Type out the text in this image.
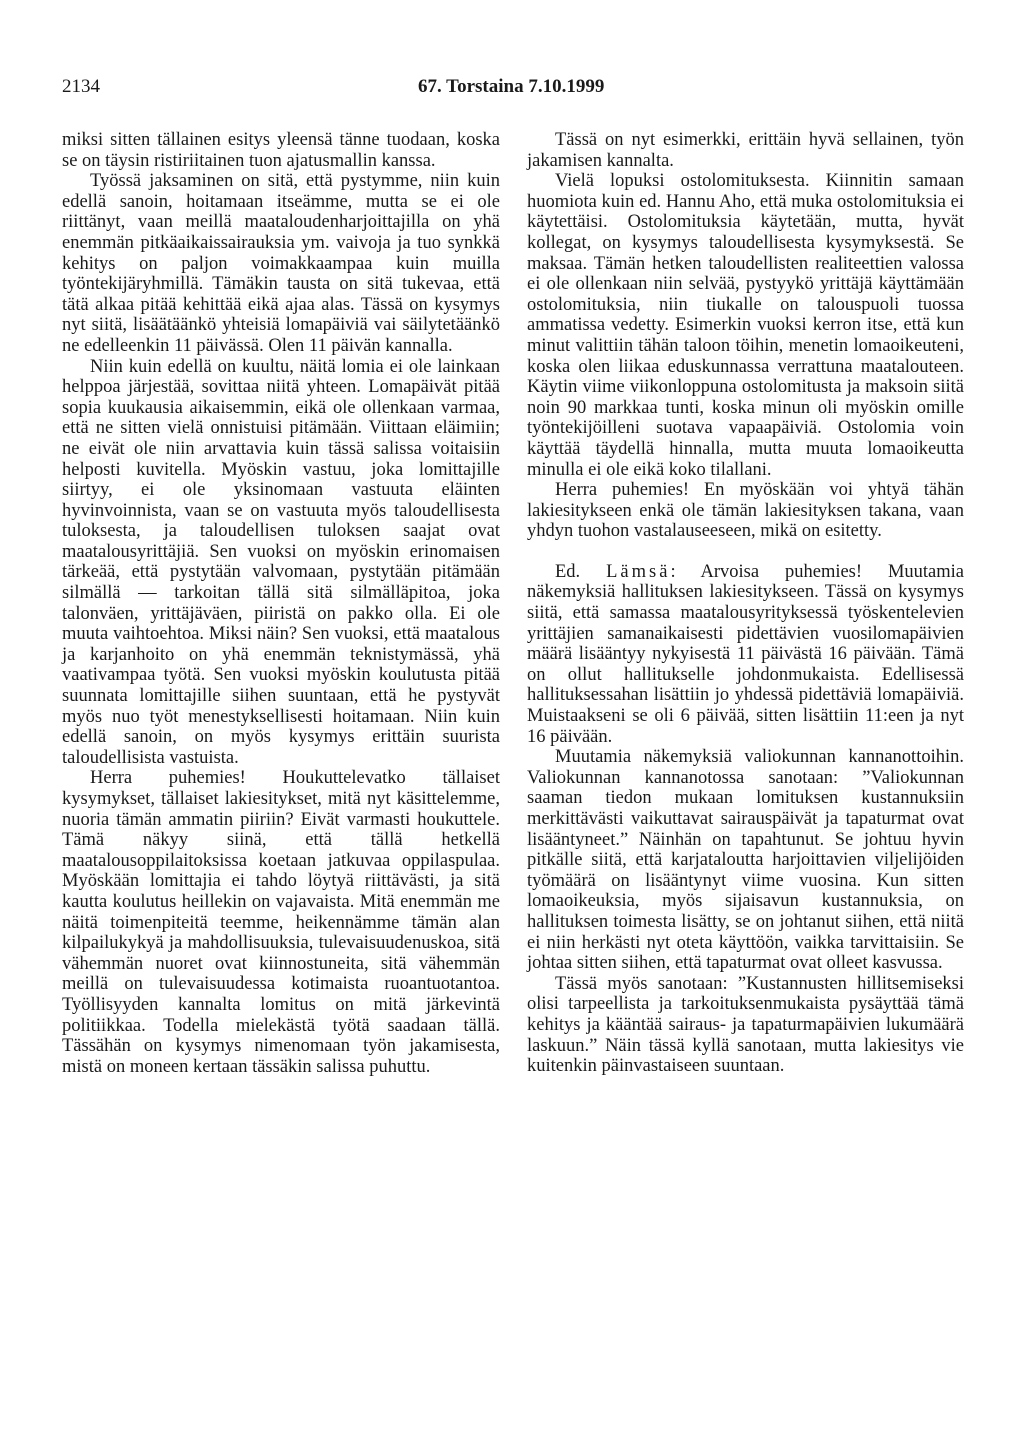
2134	67. Torstaina 7.10.1999

miksi sitten tällainen esitys yleensä tänne tuodaan, koska se on täysin ristiriitainen tuon ajatusmallin kanssa.

Työssä jaksaminen on sitä, että pystymme, niin kuin edellä sanoin, hoitamaan itseämme, mutta se ei ole riittänyt, vaan meillä maataloudenharjoittajilla on yhä enemmän pitkäaikaissairauksia ym. vaivoja ja tuo synkkä kehitys on paljon voimakkaampaa kuin muilla työntekijäryhmillä. Tämäkin tausta on sitä tukevaa, että tätä alkaa pitää kehittää eikä ajaa alas. Tässä on kysymys nyt siitä, lisäätäänkö yhteisiä lomapäiviä vai säilytetäänkö ne edelleenkin 11 päivässä. Olen 11 päivän kannalla.

Niin kuin edellä on kuultu, näitä lomia ei ole lainkaan helppoa järjestää, sovittaa niitä yhteen. Lomapäivät pitää sopia kuukausia aikaisemmin, eikä ole ollenkaan varmaa, että ne sitten vielä onnistuisi pitämään. Viittaan eläimiin; ne eivät ole niin arvattavia kuin tässä salissa voitaisiin helposti kuvitella. Myöskin vastuu, joka lomittajille siirtyy, ei ole yksinomaan vastuuta eläinten hyvinvoinnista, vaan se on vastuuta myös taloudellisesta tuloksesta, ja taloudellisen tuloksen saajat ovat maatalousyrittäjiä. Sen vuoksi on myöskin erinomaisen tärkeää, että pystytään valvomaan, pystytään pitämään silmällä — tarkoitan tällä sitä silmälläpitoa, joka talonväen, yrittäjäväen, piiristä on pakko olla. Ei ole muuta vaihtoehtoa. Miksi näin? Sen vuoksi, että maatalous ja karjanhoito on yhä enemmän teknistymässä, yhä vaativampaa työtä. Sen vuoksi myöskin koulutusta pitää suunnata lomittajille siihen suuntaan, että he pystyvät myös nuo työt menestyksellisesti hoitamaan. Niin kuin edellä sanoin, on myös kysymys erittäin suurista taloudellisista vastuista.

Herra puhemies! Houkuttelevatko tällaiset kysymykset, tällaiset lakiesitykset, mitä nyt käsittelemme, nuoria tämän ammatin piiriin? Eivät varmasti houkuttele. Tämä näkyy siinä, että tällä hetkellä maatalousoppilaitoksissa koetaan jatkuvaa oppilaspulaa. Myöskään lomittajia ei tahdo löytyä riittävästi, ja sitä kautta koulutus heillekin on vajavaista. Mitä enemmän me näitä toimenpiteitä teemme, heikennämme tämän alan kilpailukykyä ja mahdollisuuksia, tulevaisuudenuskoa, sitä vähemmän nuoret ovat kiinnostuneita, sitä vähemmän meillä on tulevaisuudessa kotimaista ruoantuotantoa. Työllisyyden kannalta lomitus on mitä järkevintä politiikkaa. Todella mielekästä työtä saadaan tällä. Tässähän on kysymys nimenomaan työn jakamisesta, mistä on moneen kertaan tässäkin salissa puhuttu.

Tässä on nyt esimerkki, erittäin hyvä sellainen, työn jakamisen kannalta.

Vielä lopuksi ostolomituksesta. Kiinnitin samaan huomiota kuin ed. Hannu Aho, että muka ostolomituksia ei käytettäisi. Ostolomituksia käytetään, mutta, hyvät kollegat, on kysymys taloudellisesta kysymyksestä. Se maksaa. Tämän hetken taloudellisten realiteettien valossa ei ole ollenkaan niin selvää, pystyykö yrittäjä käyttämään ostolomituksia, niin tiukalle on talouspuoli tuossa ammatissa vedetty. Esimerkin vuoksi kerron itse, että kun minut valittiin tähän taloon töihin, menetin lomaoikeuteni, koska olen liikaa eduskunnassa verrattuna maatalouteen. Käytin viime viikonloppuna ostolomitusta ja maksoin siitä noin 90 markkaa tunti, koska minun oli myöskin omille työntekijöilleni suotava vapaapäiviä. Ostolomia voin käyttää täydellä hinnalla, mutta muuta lomaoikeutta minulla ei ole eikä koko tilallani.

Herra puhemies! En myöskään voi yhtyä tähän lakiesitykseen enkä ole tämän lakiesityksen takana, vaan yhdyn tuohon vastalauseeseen, mikä on esitetty.

Ed. Lämsä: Arvoisa puhemies! Muutamia näkemyksiä hallituksen lakiesitykseen. Tässä on kysymys siitä, että samassa maatalousyrityksessä työskentelevien yrittäjien samanaikaisesti pidettävien vuosilomapäivien määrä lisääntyy nykyisestä 11 päivästä 16 päivään. Tämä on ollut hallitukselle johdonmukaista. Edellisessä hallituksessahan lisättiin jo yhdessä pidettäviä lomapäiviä. Muistaakseni se oli 6 päivää, sitten lisättiin 11:een ja nyt 16 päivään.

Muutamia näkemyksiä valiokunnan kannanottoihin. Valiokunnan kannanotossa sanotaan: ”Valiokunnan saaman tiedon mukaan lomituksen kustannuksiin merkittävästi vaikuttavat sairauspäivät ja tapaturmat ovat lisääntyneet.” Näinhän on tapahtunut. Se johtuu hyvin pitkälle siitä, että karjataloutta harjoittavien viljelijöiden työmäärä on lisääntynyt viime vuosina. Kun sitten lomaoikeuksia, myös sijaisavun kustannuksia, on hallituksen toimesta lisätty, se on johtanut siihen, että niitä ei niin herkästi nyt oteta käyttöön, vaikka tarvittaisiin. Se johtaa sitten siihen, että tapaturmat ovat olleet kasvussa.

Tässä myös sanotaan: ”Kustannusten hillitsemiseksi olisi tarpeellista ja tarkoituksenmukaista pysäyttää tämä kehitys ja kääntää sairaus- ja tapaturmapäivien lukumäärä laskuun.” Näin tässä kyllä sanotaan, mutta lakiesitys vie kuitenkin päinvastaiseen suuntaan.
